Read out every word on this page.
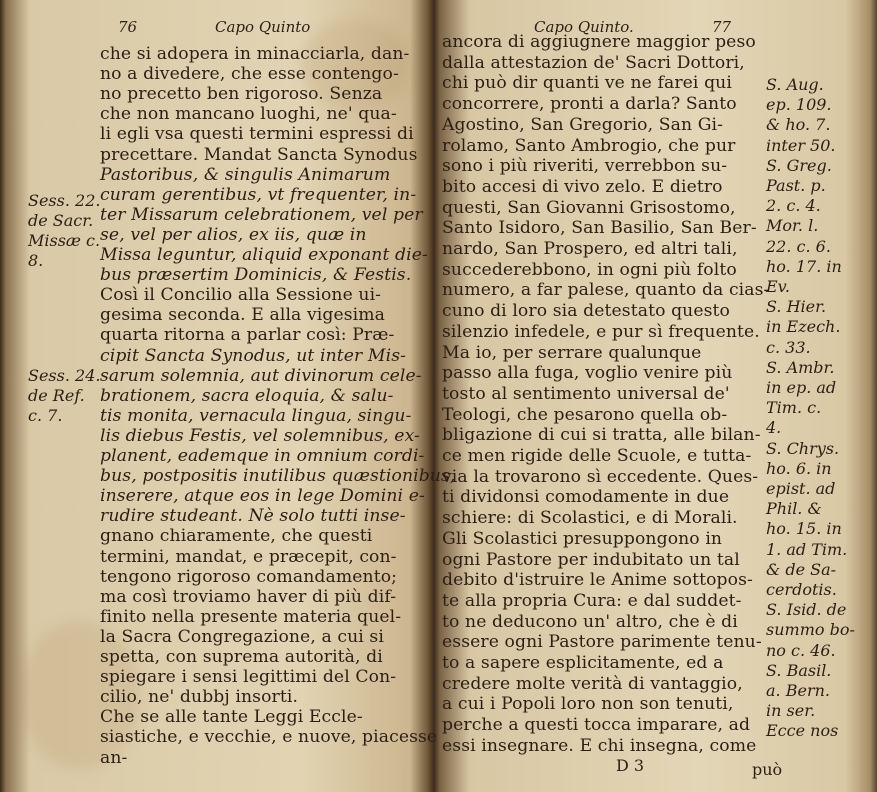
76	Capo Quinto
che si adopera in minacciarla, dan-
no a divedere, che esse contengo-
no precetto ben rigoroso. Senza
che non mancano luoghi, ne' qua-
li egli vsa questi termini espressi di
precettare. Mandat Sancta Synodus
Pastoribus, & singulis Animarum
curam gerentibus, vt frequenter, in-
ter Missarum celebrationem, vel per
se, vel per alios, ex iis, quæ in
Missa leguntur, aliquid exponant die-
bus præsertim Dominicis, & Festis.
Così il Concilio alla Sessione ui-
gesima seconda. E alla vigesima
quarta ritorna a parlar così: Præ-
cipit Sancta Synodus, ut inter Mis-
sarum solemnia, aut divinorum cele-
brationem, sacra eloquia, & salu-
tis monita, vernacula lingua, singu-
lis diebus Festis, vel solemnibus, ex-
planent, eademque in omnium cordi-
bus, postpositis inutilibus quæstionibus,
inserere, atque eos in lege Domini e-
rudire studeant. Nè solo tutti inse-
gnano chiaramente, che questi
termini, mandat, e præcepit, con-
tengono rigoroso comandamento;
ma così troviamo haver di più dif-
finito nella presente materia quel-
la Sacra Congregazione, a cui si
spetta, con suprema autorità, di
spiegare i sensi legittimi del Con-
cilio, ne' dubbj insorti.
Che se alle tante Leggi Eccle-
siastiche, e vecchie, e nuove, piacesse
an-
Sess. 22.
de Sacr.
Missæ c.
8.
Sess. 24.
de Ref.
c. 7.
Capo Quinto.	77
ancora di aggiugnere maggior peso
dalla attestazion de' Sacri Dottori,
chi può dir quanti ve ne farei qui
concorrere, pronti a darla? Santo
Agostino, San Gregorio, San Gi-
rolamo, Santo Ambrogio, che pur
sono i più riveriti, verrebbon su-
bito accesi di vivo zelo. E dietro
questi, San Giovanni Grisostomo,
Santo Isidoro, San Basilio, San Ber-
nardo, San Prospero, ed altri tali,
succederebbono, in ogni più folto
numero, a far palese, quanto da cias-
cuno di loro sia detestato questo
silenzio infedele, e pur sì frequente.
Ma io, per serrare qualunque
passo alla fuga, voglio venire più
tosto al sentimento universal de'
Teologi, che pesarono quella ob-
bligazione di cui si tratta, alle bilan-
ce men rigide delle Scuole, e tutta-
via la trovarono sì eccedente. Ques-
ti dividonsi comodamente in due
schiere: di Scolastici, e di Morali.
Gli Scolastici presuppongono in
ogni Pastore per indubitato un tal
debito d'istruire le Anime sottopos-
te alla propria Cura: e dal suddet-
to ne deducono un' altro, che è di
essere ogni Pastore parimente tenu-
to a sapere esplicitamente, ed a
credere molte verità di vantaggio,
a cui i Popoli loro non son tenuti,
perche a questi tocca imparare, ad
essi insegnare. E chi insegna, come
S. Aug.
ep. 109.
& ho. 7.
inter 50.
S. Greg.
Past. p.
2. c. 4.
Mor. l.
22. c. 6.
ho. 17. in
Ev.
S. Hier.
in Ezech.
c. 33.
S. Ambr.
in ep. ad
Tim. c.
4.
S. Chrys.
ho. 6. in
epist. ad
Phil. &
ho. 15. in
1. ad Tim.
& de Sa-
cerdotis.
S. Isid. de
summo bo-
no c. 46.
S. Basil.
a. Bern.
in ser.
Ecce nos
D 3	può
